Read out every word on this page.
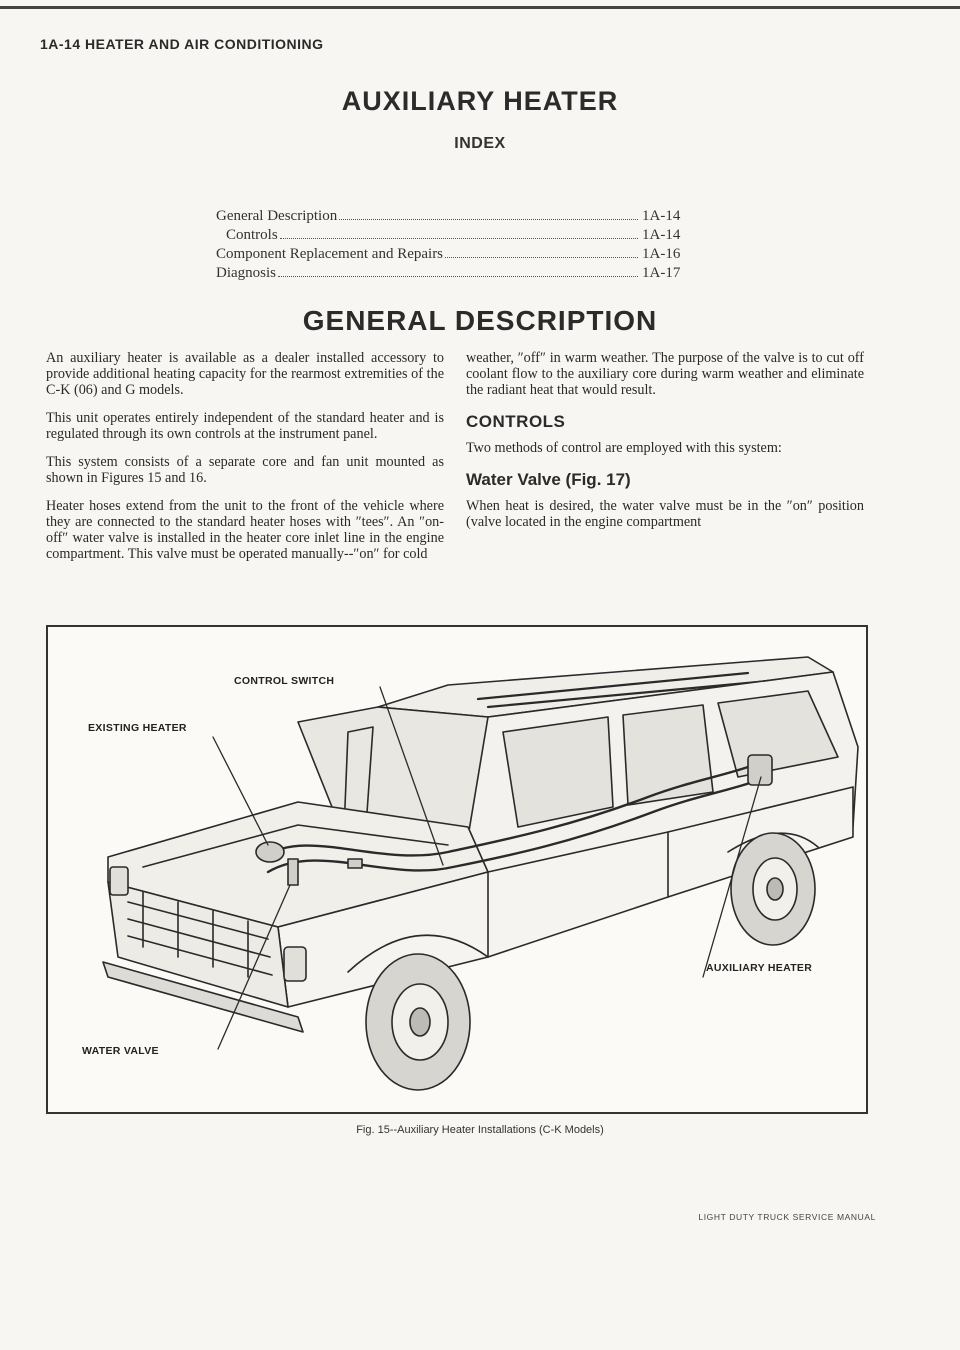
1A-14 HEATER AND AIR CONDITIONING
AUXILIARY HEATER
INDEX
General Description	1A-14
Controls	1A-14
Component Replacement and Repairs	1A-16
Diagnosis	1A-17
GENERAL DESCRIPTION

An auxiliary heater is available as a dealer installed accessory to provide additional heating capacity for the rearmost extremities of the C-K (06) and G models.

This unit operates entirely independent of the standard heater and is regulated through its own controls at the instrument panel.

This system consists of a separate core and fan unit mounted as shown in Figures 15 and 16.

Heater hoses extend from the unit to the front of the vehicle where they are connected to the standard heater hoses with ″tees″. An ″on-off″ water valve is installed in the heater core inlet line in the engine compartment. This valve must be operated manually--″on″ for cold

weather, ″off″ in warm weather. The purpose of the valve is to cut off coolant flow to the auxiliary core during warm weather and eliminate the radiant heat that would result.

CONTROLS

Two methods of control are employed with this system:

Water Valve (Fig. 17)

When heat is desired, the water valve must be in the ″on″ position (valve located in the engine compartment

CONTROL SWITCH
EXISTING HEATER
AUXILIARY HEATER
WATER VALVE
Fig. 15--Auxiliary Heater Installations (C-K Models)
LIGHT DUTY TRUCK SERVICE MANUAL
